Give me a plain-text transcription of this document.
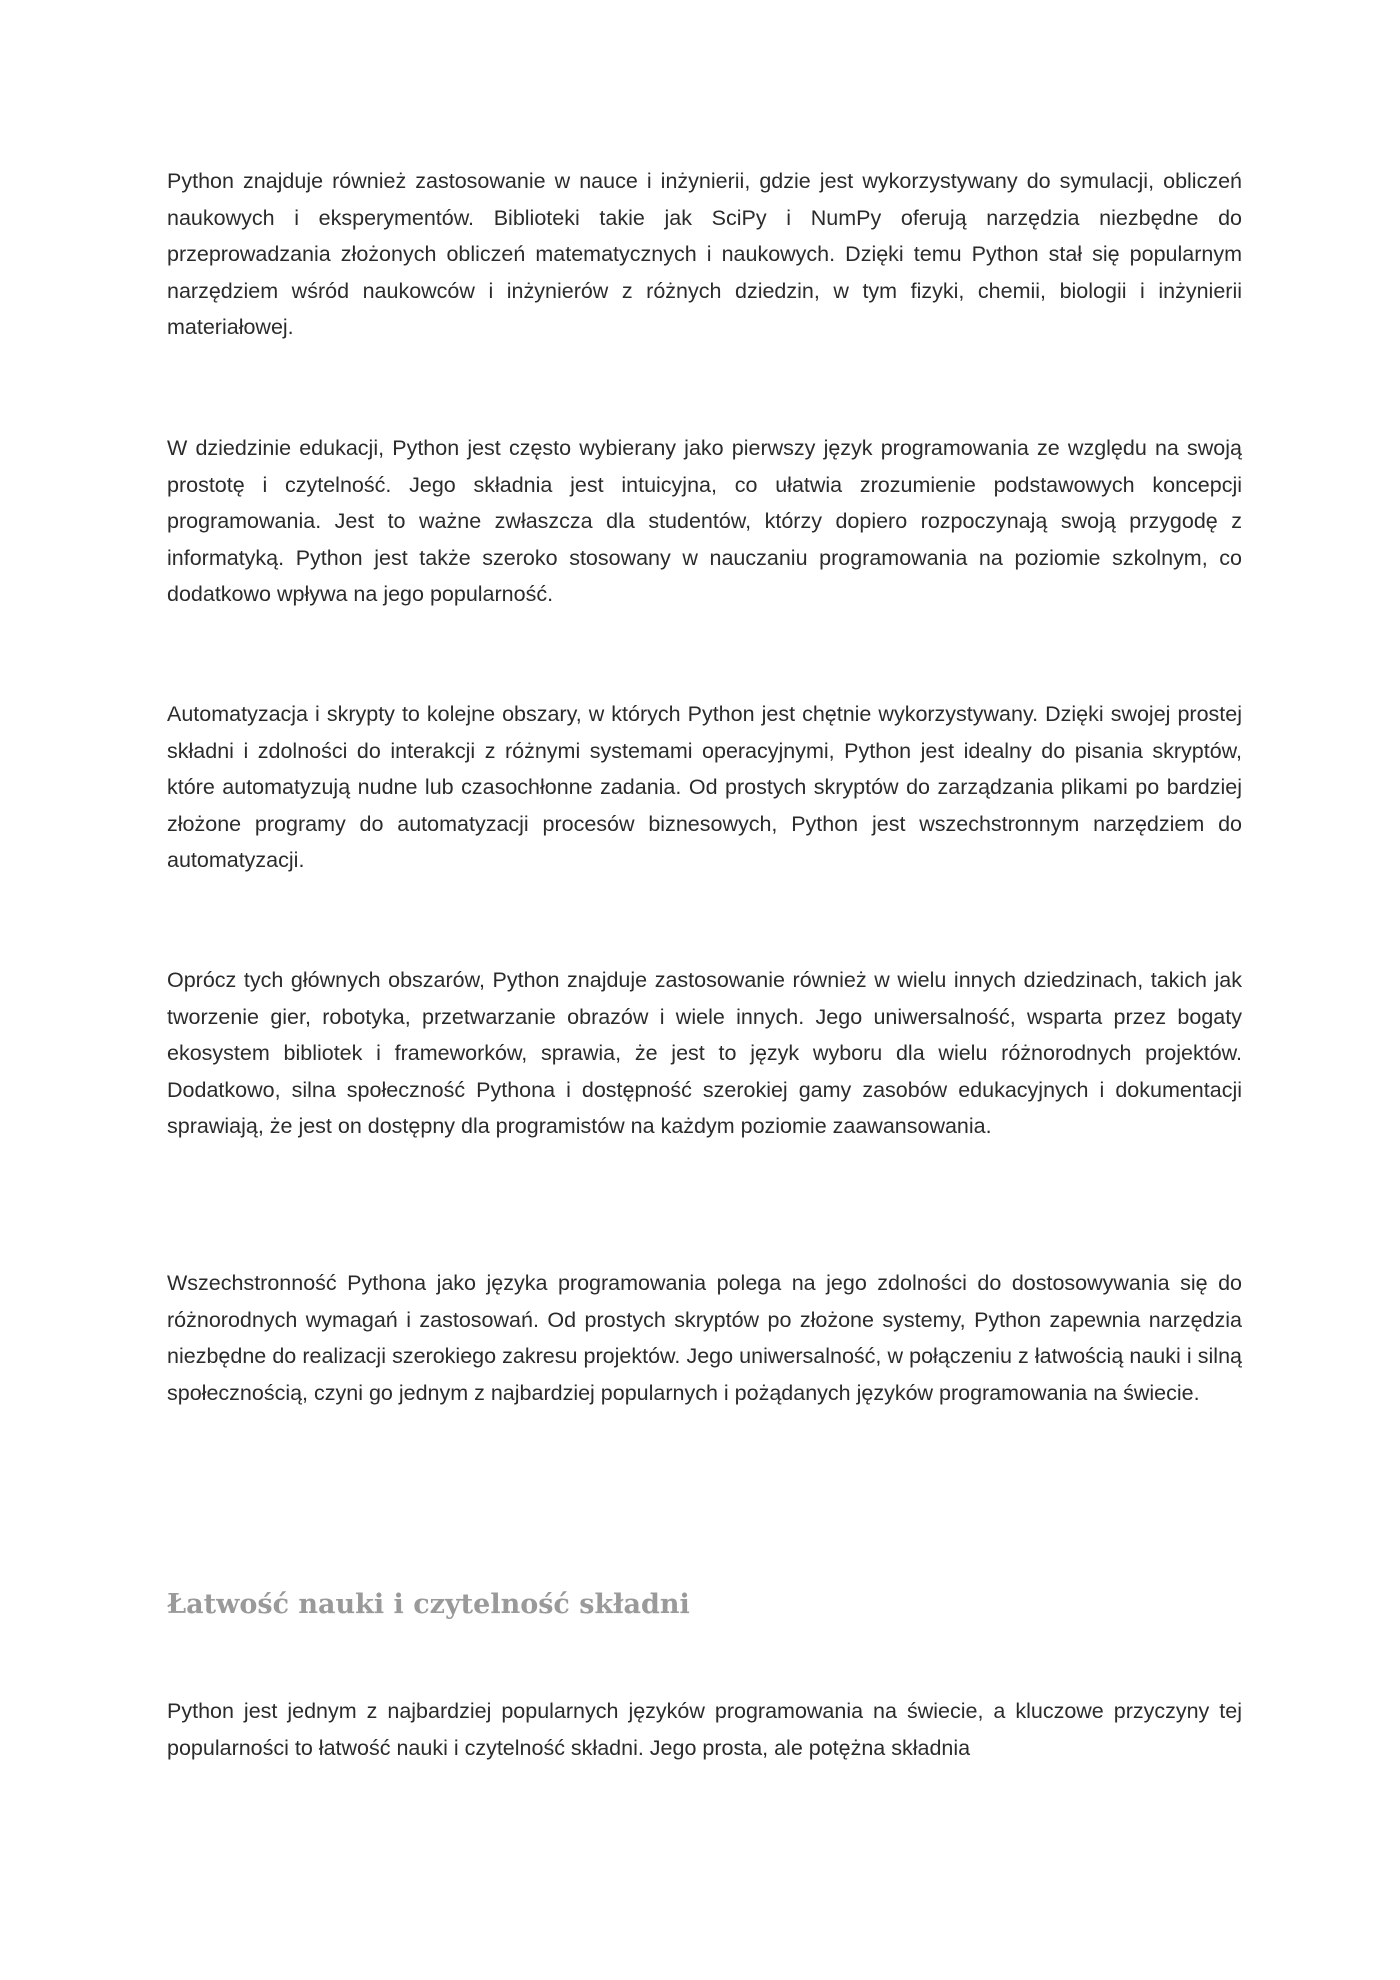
Python znajduje również zastosowanie w nauce i inżynierii, gdzie jest wykorzystywany do symulacji, obliczeń naukowych i eksperymentów. Biblioteki takie jak SciPy i NumPy oferują narzędzia niezbędne do przeprowadzania złożonych obliczeń matematycznych i naukowych. Dzięki temu Python stał się popularnym narzędziem wśród naukowców i inżynierów z różnych dziedzin, w tym fizyki, chemii, biologii i inżynierii materiałowej.

W dziedzinie edukacji, Python jest często wybierany jako pierwszy język programowania ze względu na swoją prostotę i czytelność. Jego składnia jest intuicyjna, co ułatwia zrozumienie podstawowych koncepcji programowania. Jest to ważne zwłaszcza dla studentów, którzy dopiero rozpoczynają swoją przygodę z informatyką. Python jest także szeroko stosowany w nauczaniu programowania na poziomie szkolnym, co dodatkowo wpływa na jego popularność.

Automatyzacja i skrypty to kolejne obszary, w których Python jest chętnie wykorzystywany. Dzięki swojej prostej składni i zdolności do interakcji z różnymi systemami operacyjnymi, Python jest idealny do pisania skryptów, które automatyzują nudne lub czasochłonne zadania. Od prostych skryptów do zarządzania plikami po bardziej złożone programy do automatyzacji procesów biznesowych, Python jest wszechstronnym narzędziem do automatyzacji.

Oprócz tych głównych obszarów, Python znajduje zastosowanie również w wielu innych dziedzinach, takich jak tworzenie gier, robotyka, przetwarzanie obrazów i wiele innych. Jego uniwersalność, wsparta przez bogaty ekosystem bibliotek i frameworków, sprawia, że jest to język wyboru dla wielu różnorodnych projektów. Dodatkowo, silna społeczność Pythona i dostępność szerokiej gamy zasobów edukacyjnych i dokumentacji sprawiają, że jest on dostępny dla programistów na każdym poziomie zaawansowania.

Wszechstronność Pythona jako języka programowania polega na jego zdolności do dostosowywania się do różnorodnych wymagań i zastosowań. Od prostych skryptów po złożone systemy, Python zapewnia narzędzia niezbędne do realizacji szerokiego zakresu projektów. Jego uniwersalność, w połączeniu z łatwością nauki i silną społecznością, czyni go jednym z najbardziej popularnych i pożądanych języków programowania na świecie.

Łatwość nauki i czytelność składni

Python jest jednym z najbardziej popularnych języków programowania na świecie, a kluczowe przyczyny tej popularności to łatwość nauki i czytelność składni. Jego prosta, ale potężna składnia
